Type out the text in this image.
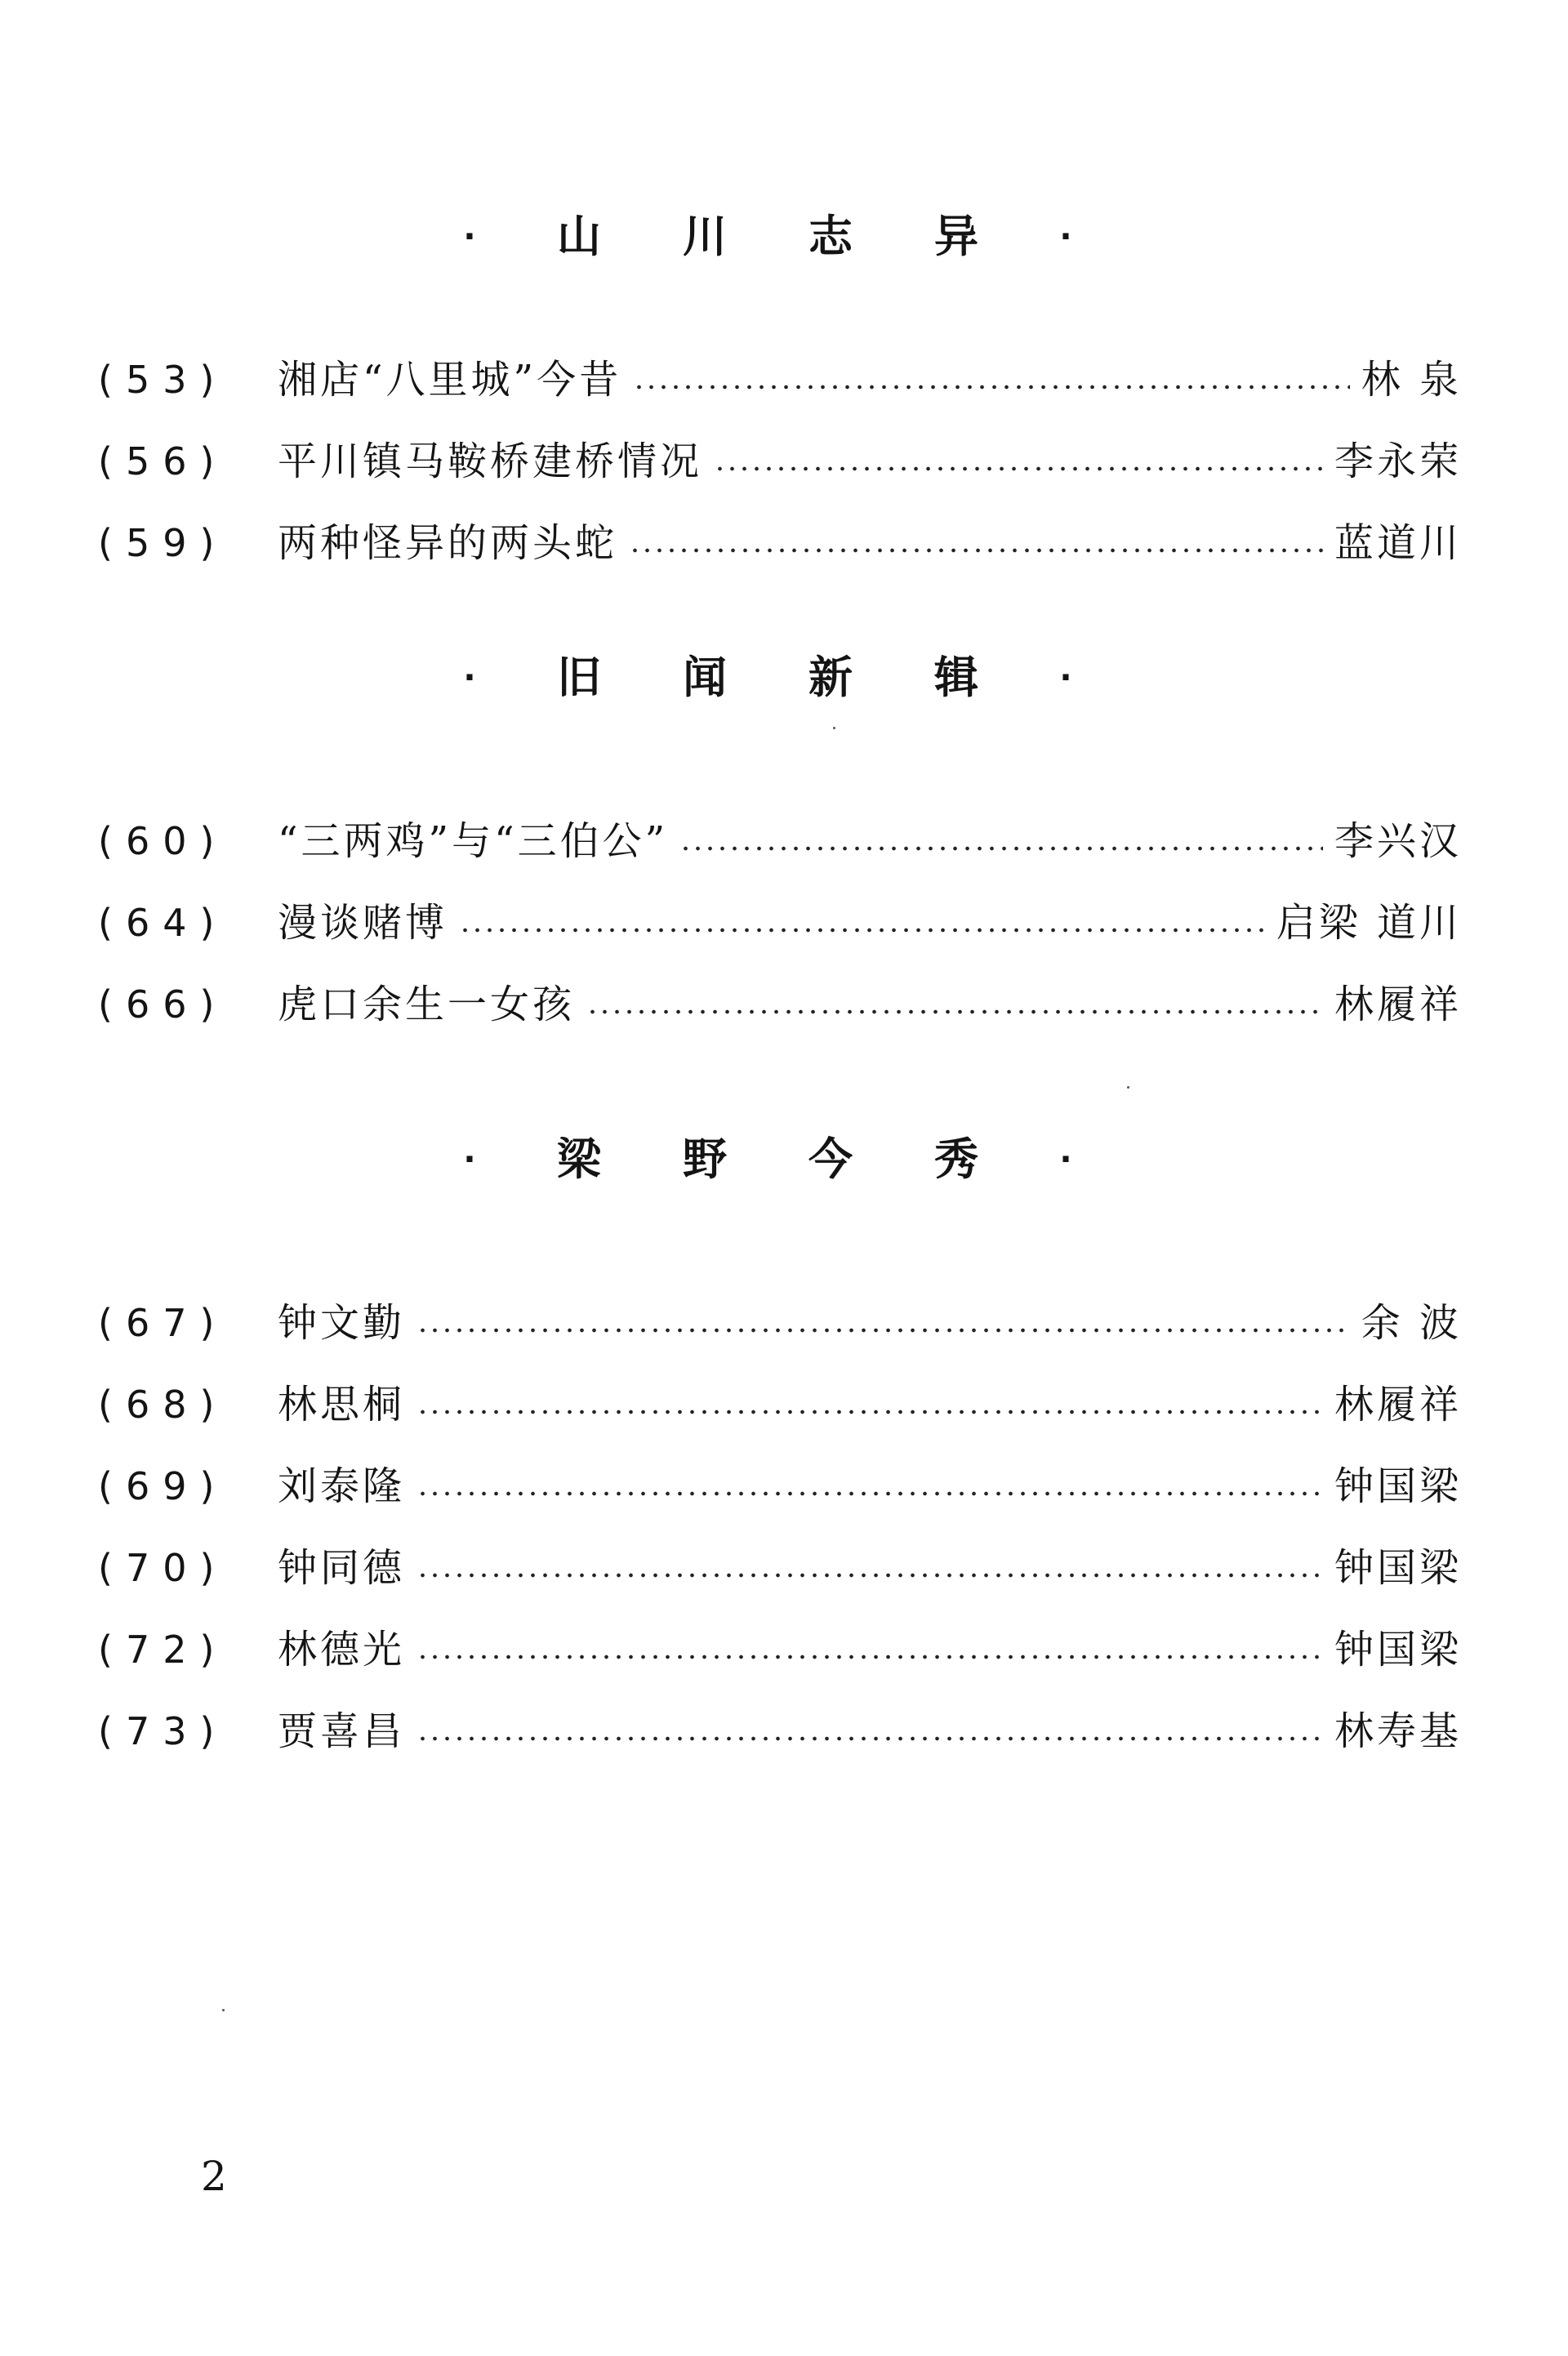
· 山 川 志 异 ·
(53)	湘店“八里城”今昔	林 泉
(56)	平川镇马鞍桥建桥情况	李永荣
(59)	两种怪异的两头蛇	蓝道川
· 旧 闻 新 辑 ·
(60)	“三两鸡”与“三伯公”	李兴汉
(64)	漫谈赌博	启梁 道川
(66)	虎口余生一女孩	林履祥
· 梁 野 今 秀 ·
(67)	钟文勤	余 波
(68)	林思桐	林履祥
(69)	刘泰隆	钟国梁
(70)	钟同德	钟国梁
(72)	林德光	钟国梁
(73)	贾喜昌	林寿基
2
